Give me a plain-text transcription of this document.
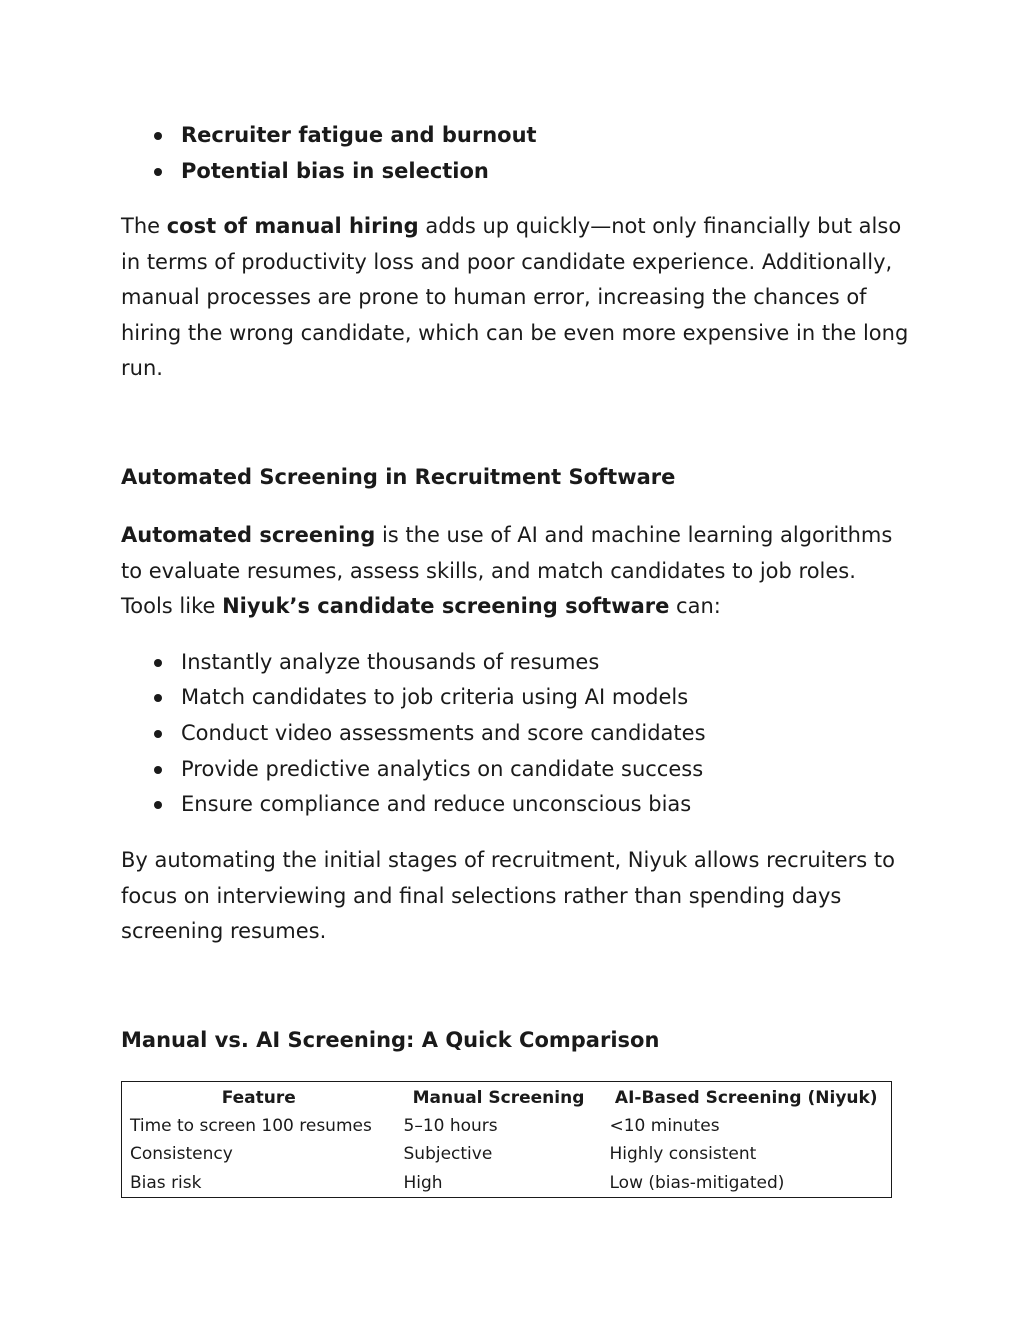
Recruiter fatigue and burnout
Potential bias in selection

The cost of manual hiring adds up quickly—not only financially but also in terms of productivity loss and poor candidate experience. Additionally, manual processes are prone to human error, increasing the chances of hiring the wrong candidate, which can be even more expensive in the long run.

Automated Screening in Recruitment Software

Automated screening is the use of AI and machine learning algorithms to evaluate resumes, assess skills, and match candidates to job roles. Tools like Niyuk’s candidate screening software can:

Instantly analyze thousands of resumes
Match candidates to job criteria using AI models
Conduct video assessments and score candidates
Provide predictive analytics on candidate success
Ensure compliance and reduce unconscious bias

By automating the initial stages of recruitment, Niyuk allows recruiters to focus on interviewing and final selections rather than spending days screening resumes.

Manual vs. AI Screening: A Quick Comparison
Feature	Manual Screening	AI-Based Screening (Niyuk)
Time to screen 100 resumes	5–10 hours	<10 minutes
Consistency	Subjective	Highly consistent
Bias risk	High	Low (bias-mitigated)
